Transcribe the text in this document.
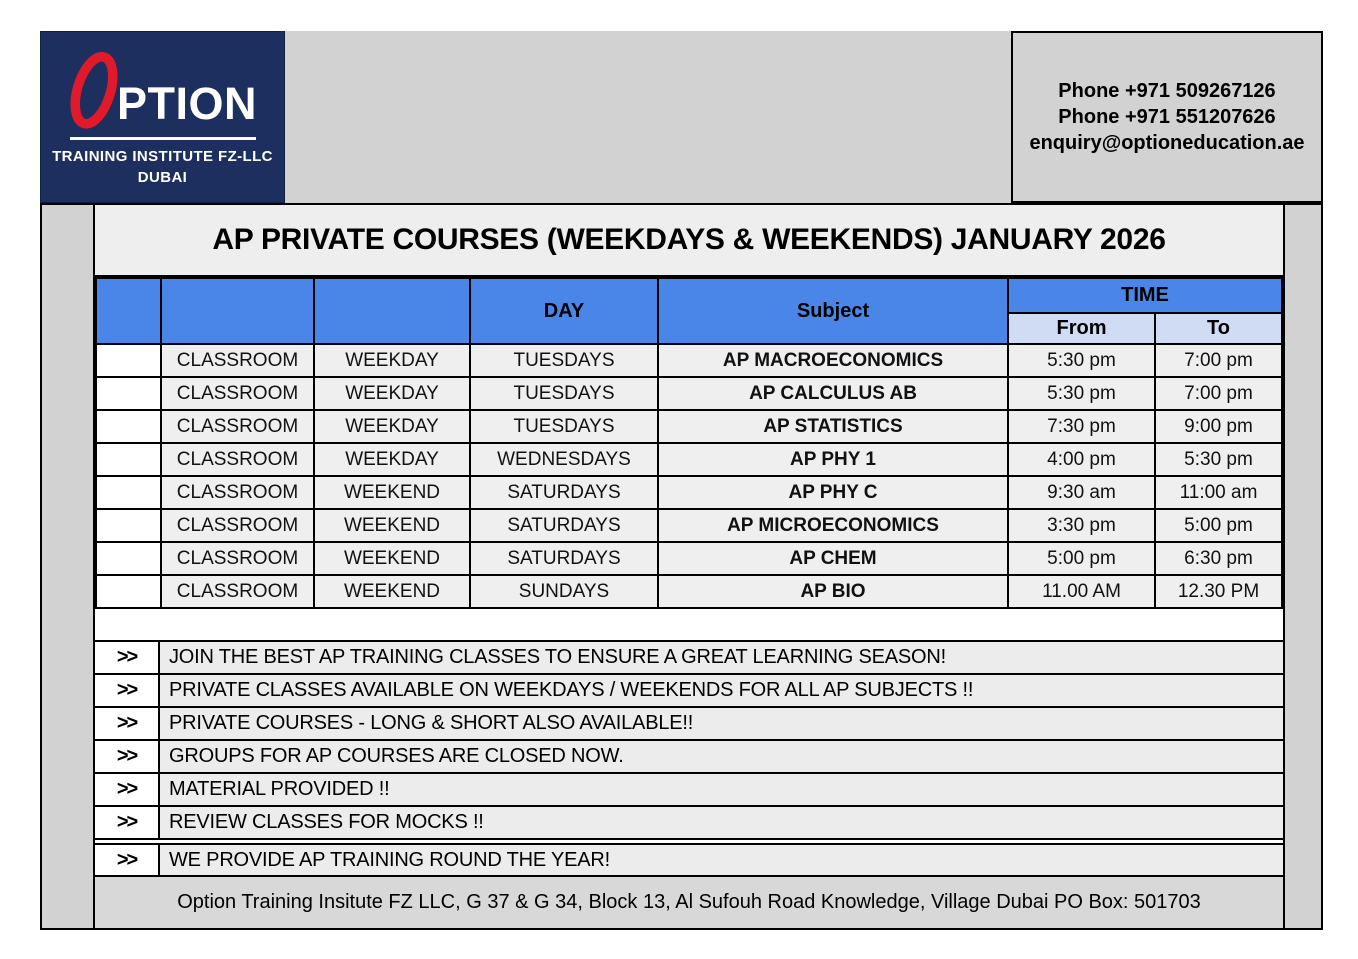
PTION
TRAINING INSTITUTE FZ-LLC
DUBAI
Phone +971 509267126
Phone +971 551207626
enquiry@optioneducation.ae
AP PRIVATE COURSES (WEEKDAYS & WEEKENDS) JANUARY 2026
			DAY	Subject	TIME	
					From	To
	CLASSROOM	WEEKDAY	TUESDAYS	AP MACROECONOMICS	5:30 pm	7:00 pm
	CLASSROOM	WEEKDAY	TUESDAYS	AP CALCULUS AB	5:30 pm	7:00 pm
	CLASSROOM	WEEKDAY	TUESDAYS	AP STATISTICS	7:30 pm	9:00 pm
	CLASSROOM	WEEKDAY	WEDNESDAYS	AP PHY 1	4:00 pm	5:30 pm
	CLASSROOM	WEEKEND	SATURDAYS	AP PHY C	9:30 am	11:00 am
	CLASSROOM	WEEKEND	SATURDAYS	AP MICROECONOMICS	3:30 pm	5:00 pm
	CLASSROOM	WEEKEND	SATURDAYS	AP CHEM	5:00 pm	6:30 pm
	CLASSROOM	WEEKEND	SUNDAYS	AP BIO	11.00 AM	12.30 PM
>>	JOIN THE BEST AP TRAINING CLASSES TO ENSURE A GREAT LEARNING SEASON!
>>	PRIVATE CLASSES AVAILABLE ON WEEKDAYS / WEEKENDS FOR ALL AP SUBJECTS !!
>>	PRIVATE COURSES - LONG & SHORT ALSO AVAILABLE!!
>>	GROUPS FOR AP COURSES ARE CLOSED NOW.
>>	MATERIAL PROVIDED !!
>>	REVIEW CLASSES FOR MOCKS !!
>>	WE PROVIDE AP TRAINING ROUND THE YEAR!
Option Training Insitute FZ LLC, G 37 & G 34, Block 13, Al Sufouh Road Knowledge, Village Dubai PO Box: 501703
